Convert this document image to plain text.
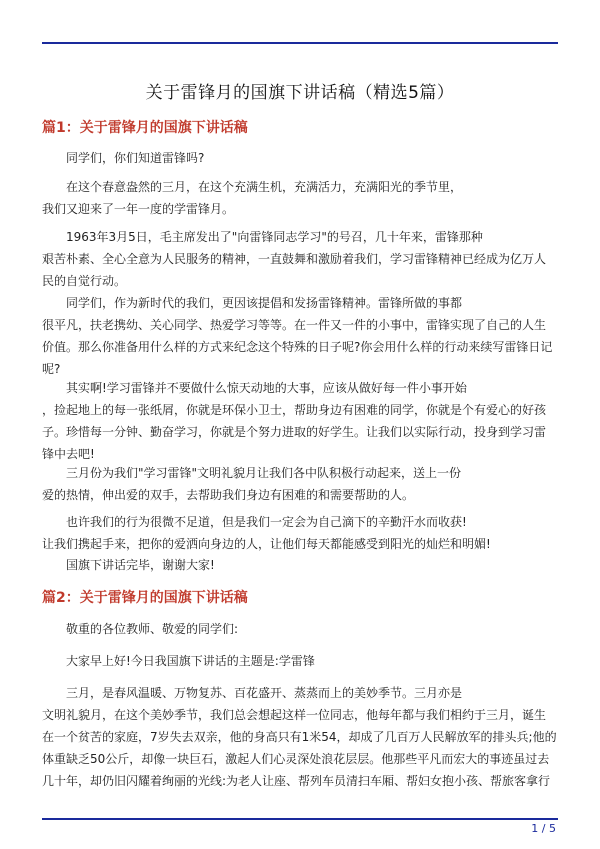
关于雷锋月的国旗下讲话稿（精选5篇）
篇1：关于雷锋月的国旗下讲话稿
同学们，你们知道雷锋吗?
在这个春意盎然的三月，在这个充满生机，充满活力，充满阳光的季节里，
我们又迎来了一年一度的学雷锋月。
1963年3月5日，毛主席发出了"向雷锋同志学习"的号召，几十年来，雷锋那种
艰苦朴素、全心全意为人民服务的精神，一直鼓舞和激励着我们，学习雷锋精神已经成为亿万人
民的自觉行动。
同学们，作为新时代的我们，更因该提倡和发扬雷锋精神。雷锋所做的事都
很平凡，扶老携幼、关心同学、热爱学习等等。在一件又一件的小事中，雷锋实现了自己的人生
价值。那么你准备用什么样的方式来纪念这个特殊的日子呢?你会用什么样的行动来续写雷锋日记
呢?
其实啊!学习雷锋并不要做什么惊天动地的大事，应该从做好每一件小事开始
，捡起地上的每一张纸屑，你就是环保小卫士，帮助身边有困难的同学，你就是个有爱心的好孩
子。珍惜每一分钟、勤奋学习，你就是个努力进取的好学生。让我们以实际行动，投身到学习雷
锋中去吧!
三月份为我们"学习雷锋"文明礼貌月让我们各中队积极行动起来，送上一份
爱的热情，伸出爱的双手，去帮助我们身边有困难的和需要帮助的人。
也许我们的行为很微不足道，但是我们一定会为自己滴下的辛勤汗水而收获!
让我们携起手来，把你的爱洒向身边的人，让他们每天都能感受到阳光的灿烂和明媚!
国旗下讲话完毕，谢谢大家!
篇2：关于雷锋月的国旗下讲话稿
敬重的各位教师、敬爱的同学们:
大家早上好!今日我国旗下讲话的主题是:学雷锋
三月，是春风温暖、万物复苏、百花盛开、蒸蒸而上的美妙季节。三月亦是
文明礼貌月，在这个美妙季节，我们总会想起这样一位同志，他每年都与我们相约于三月，诞生
在一个贫苦的家庭，7岁失去双亲，他的身高只有1米54，却成了几百万人民解放军的排头兵;他的
体重缺乏50公斤，却像一块巨石，激起人们心灵深处浪花层层。他那些平凡而宏大的事迹虽过去
几十年，却仍旧闪耀着绚丽的光线:为老人让座、帮列车员清扫车厢、帮妇女抱小孩、帮旅客拿行
1 / 5
